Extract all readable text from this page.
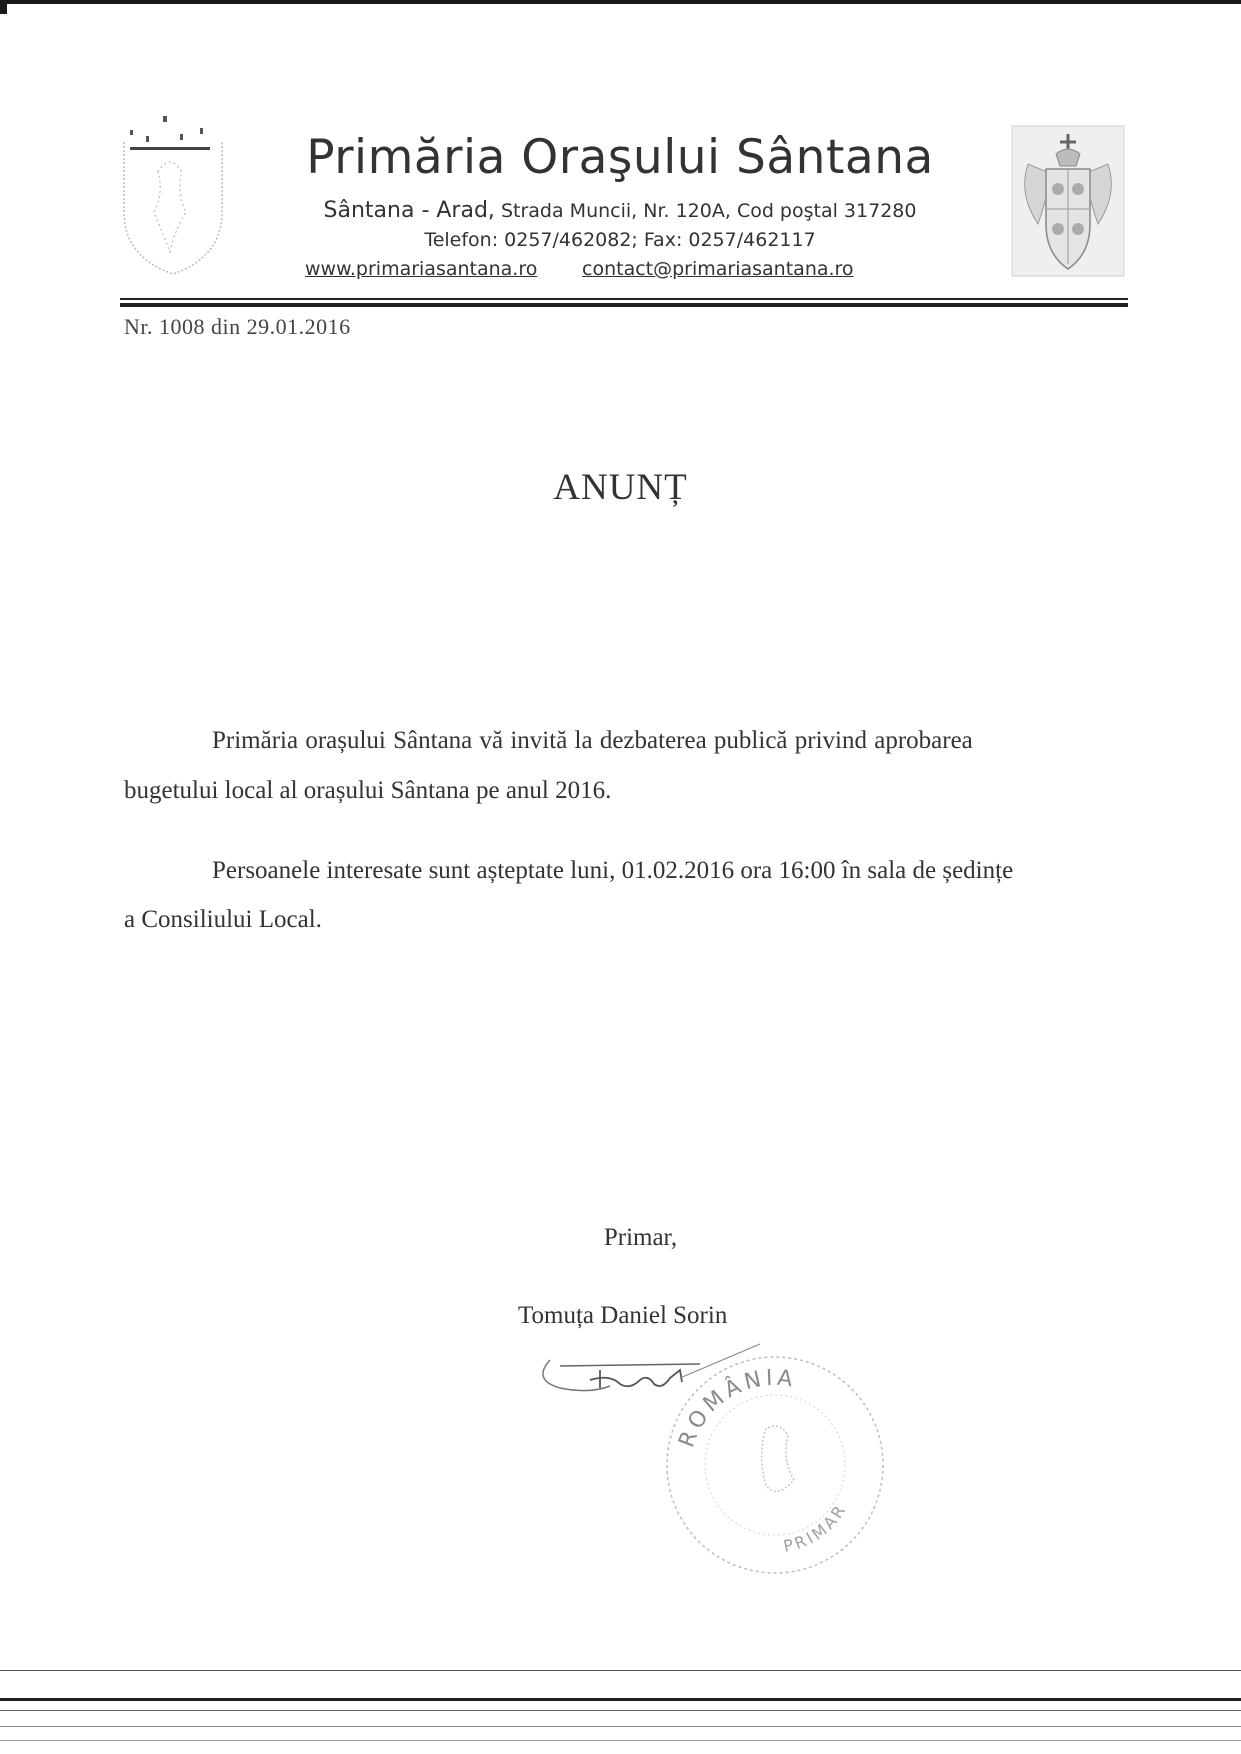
Primăria Oraşului Sântana
Sântana - Arad, Strada Muncii, Nr. 120A, Cod poştal 317280
Telefon: 0257/462082; Fax: 0257/462117
www.primariasantana.ro contact@primariasantana.ro
Nr. 1008 din 29.01.2016
ANUNȚ
Primăria orașului Sântana vă invită la dezbaterea publică privind aprobarea
bugetului local al orașului Sântana pe anul 2016.
Persoanele interesate sunt așteptate luni, 01.02.2016 ora 16:00 în sala de ședințe
a Consiliului Local.
Primar,
Tomuța Daniel Sorin
ROMÂNIA
PRIMAR
